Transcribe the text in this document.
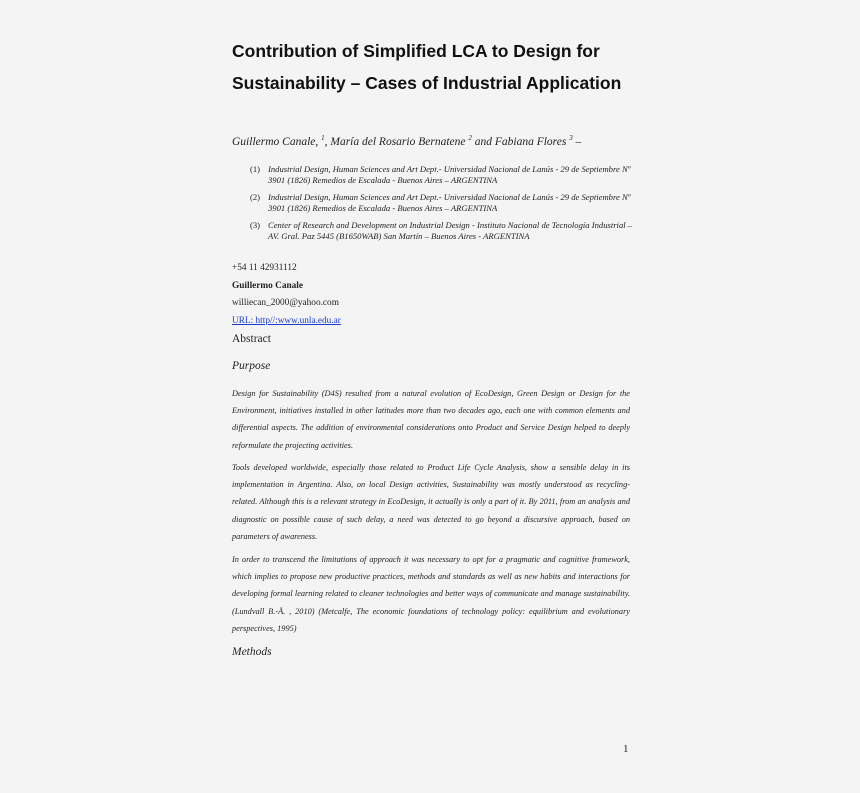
Contribution of Simplified LCA to Design for Sustainability – Cases of Industrial Application
Guillermo Canale, $^1$, María del Rosario Bernatene $^2$ and Fabiana Flores $^3$ –
(1) Industrial Design, Human Sciences and Art Dept.- Universidad Nacional de Lanús - 29 de Septiembre Nº 3901 (1826) Remedios de Escalada - Buenos Aires – ARGENTINA
(2) Industrial Design, Human Sciences and Art Dept.- Universidad Nacional de Lanús - 29 de Septiembre Nº 3901 (1826) Remedios de Escalada - Buenos Aires – ARGENTINA
(3) Center of Research and Development on Industrial Design - Instituto Nacional de Tecnología Industrial – AV. Gral. Paz 5445 (B1650WAB) San Martín – Buenos Aires - ARGENTINA
+54 11 42931112
Guillermo Canale
williecan_2000@yahoo.com
URL: http//:www.unla.edu.ar
Abstract
Purpose

Design for Sustainability (D4S) resulted from a natural evolution of EcoDesign, Green Design or Design for the Environment, initiatives installed in other latitudes more than two decades ago, each one with common elements and differential aspects. The addition of environmental considerations onto Product and Service Design helped to deeply reformulate the projecting activities.

Tools developed worldwide, especially those related to Product Life Cycle Analysis, show a sensible delay in its implementation in Argentina. Also, on local Design activities, Sustainability was mostly understood as recycling-related. Although this is a relevant strategy in EcoDesign, it actually is only a part of it. By 2011, from an analysis and diagnostic on possible cause of such delay, a need was detected to go beyond a discursive approach, based on parameters of awareness.

In order to transcend the limitations of approach it was necessary to opt for a pragmatic and cognitive framework, which implies to propose new productive practices, methods and standards as well as new habits and interactions for developing formal learning related to cleaner technologies and better ways of communicate and manage sustainability. (Lundvall B.-Å. , 2010) (Metcalfe, The economic foundations of technology policy: equilibrium and evolutionary perspectives, 1995)

Methods
1
